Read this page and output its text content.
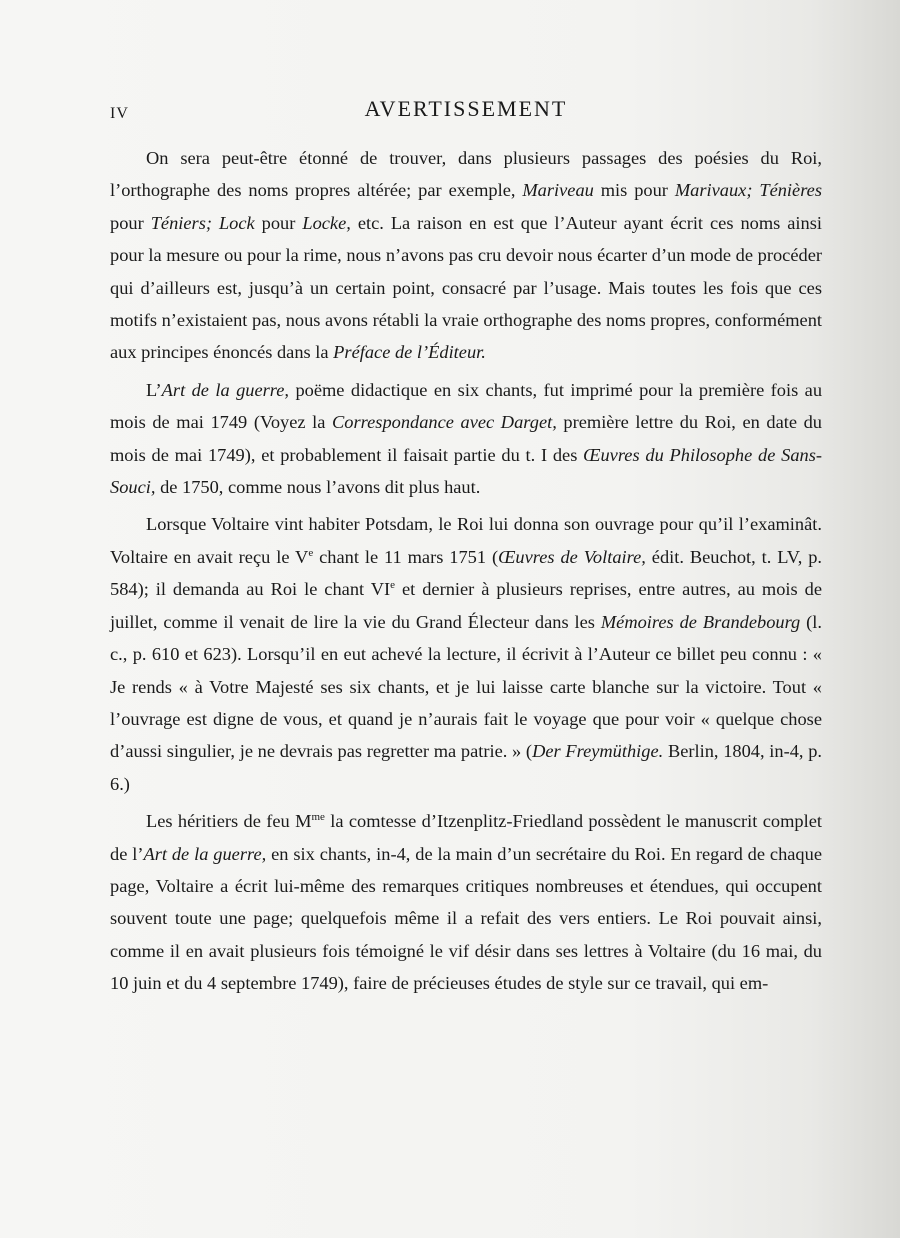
IV	AVERTISSEMENT

On sera peut-être étonné de trouver, dans plusieurs passages des poésies du Roi, l’orthographe des noms propres altérée; par exemple, Mariveau mis pour Marivaux; Ténières pour Téniers; Lock pour Locke, etc. La raison en est que l’Auteur ayant écrit ces noms ainsi pour la mesure ou pour la rime, nous n’avons pas cru devoir nous écarter d’un mode de procéder qui d’ailleurs est, jusqu’à un certain point, consacré par l’usage. Mais toutes les fois que ces motifs n’existaient pas, nous avons rétabli la vraie orthographe des noms propres, conformément aux principes énoncés dans la Préface de l’Éditeur.

L’Art de la guerre, poëme didactique en six chants, fut imprimé pour la première fois au mois de mai 1749 (Voyez la Correspondance avec Darget, première lettre du Roi, en date du mois de mai 1749), et probablement il faisait partie du t. I des Œuvres du Philosophe de Sans-Souci, de 1750, comme nous l’avons dit plus haut.

Lorsque Voltaire vint habiter Potsdam, le Roi lui donna son ouvrage pour qu’il l’examinât. Voltaire en avait reçu le Ve chant le 11 mars 1751 (Œuvres de Voltaire, édit. Beuchot, t. LV, p. 584); il demanda au Roi le chant VIe et dernier à plusieurs reprises, entre autres, au mois de juillet, comme il venait de lire la vie du Grand Électeur dans les Mémoires de Brandebourg (l. c., p. 610 et 623). Lorsqu’il en eut achevé la lecture, il écrivit à l’Auteur ce billet peu connu : « Je rends « à Votre Majesté ses six chants, et je lui laisse carte blanche sur la victoire. Tout « l’ouvrage est digne de vous, et quand je n’aurais fait le voyage que pour voir « quelque chose d’aussi singulier, je ne devrais pas regretter ma patrie. » (Der Freymüthige. Berlin, 1804, in-4, p. 6.)

Les héritiers de feu $M^{me}$ la comtesse d’Itzenplitz-Friedland possèdent le manuscrit complet de l’Art de la guerre, en six chants, in-4, de la main d’un secrétaire du Roi. En regard de chaque page, Voltaire a écrit lui-même des remarques critiques nombreuses et étendues, qui occupent souvent toute une page; quelquefois même il a refait des vers entiers. Le Roi pouvait ainsi, comme il en avait plusieurs fois témoigné le vif désir dans ses lettres à Voltaire (du 16 mai, du 10 juin et du 4 septembre 1749), faire de précieuses études de style sur ce travail, qui em-
